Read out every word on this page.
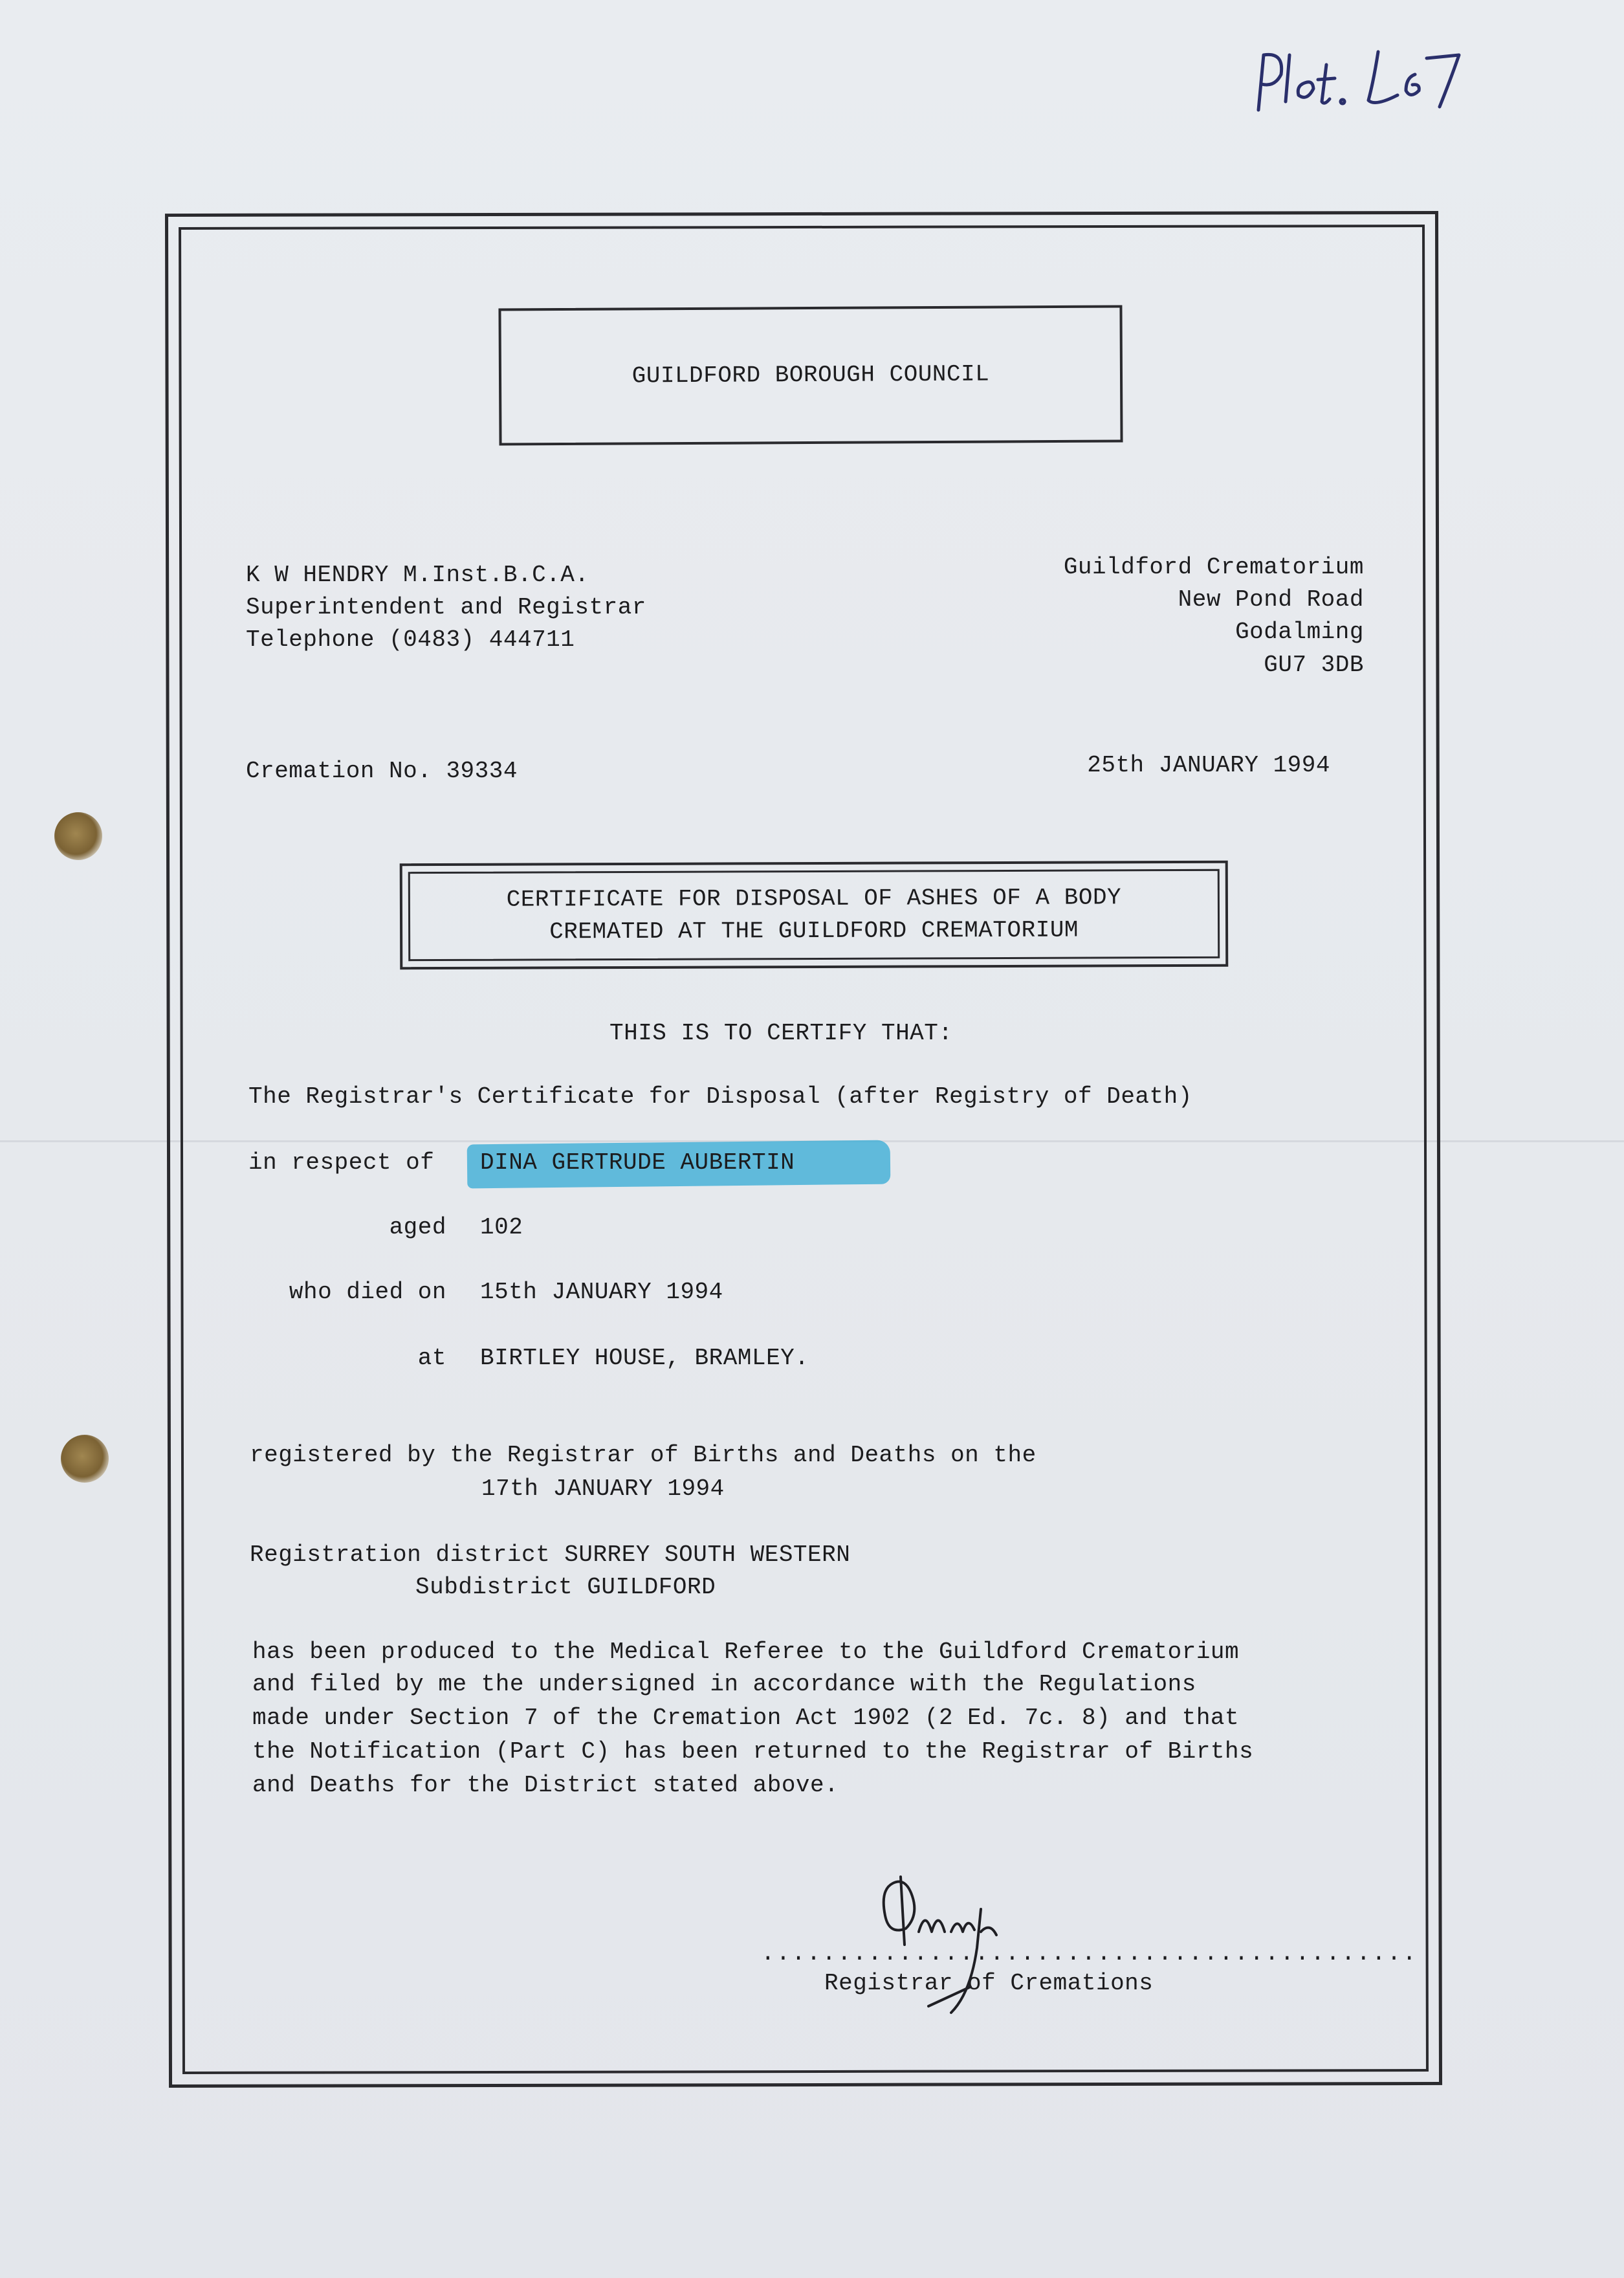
GUILDFORD BOROUGH COUNCIL
K W HENDRY M.Inst.B.C.A.
Superintendent and Registrar
Telephone (0483) 444711
Guildford Crematorium
New Pond Road
Godalming
GU7 3DB
Cremation No. 39334	25th JANUARY 1994
CERTIFICATE FOR DISPOSAL OF ASHES OF A BODY
CREMATED AT THE GUILDFORD CREMATORIUM
THIS IS TO CERTIFY THAT:
The Registrar's Certificate for Disposal (after Registry of Death)
in respect of DINA GERTRUDE AUBERTIN
aged 102
who died on 15th JANUARY 1994
at BIRTLEY HOUSE, BRAMLEY.
registered by the Registrar of Births and Deaths on the
17th JANUARY 1994
Registration district SURREY SOUTH WESTERN
Subdistrict GUILDFORD
has been produced to the Medical Referee to the Guildford Crematorium
and filed by me the undersigned in accordance with the Regulations
made under Section 7 of the Cremation Act 1902 (2 Ed. 7c. 8) and that
the Notification (Part C) has been returned to the Registrar of Births
and Deaths for the District stated above.
...........................................
Registrar of Cremations
